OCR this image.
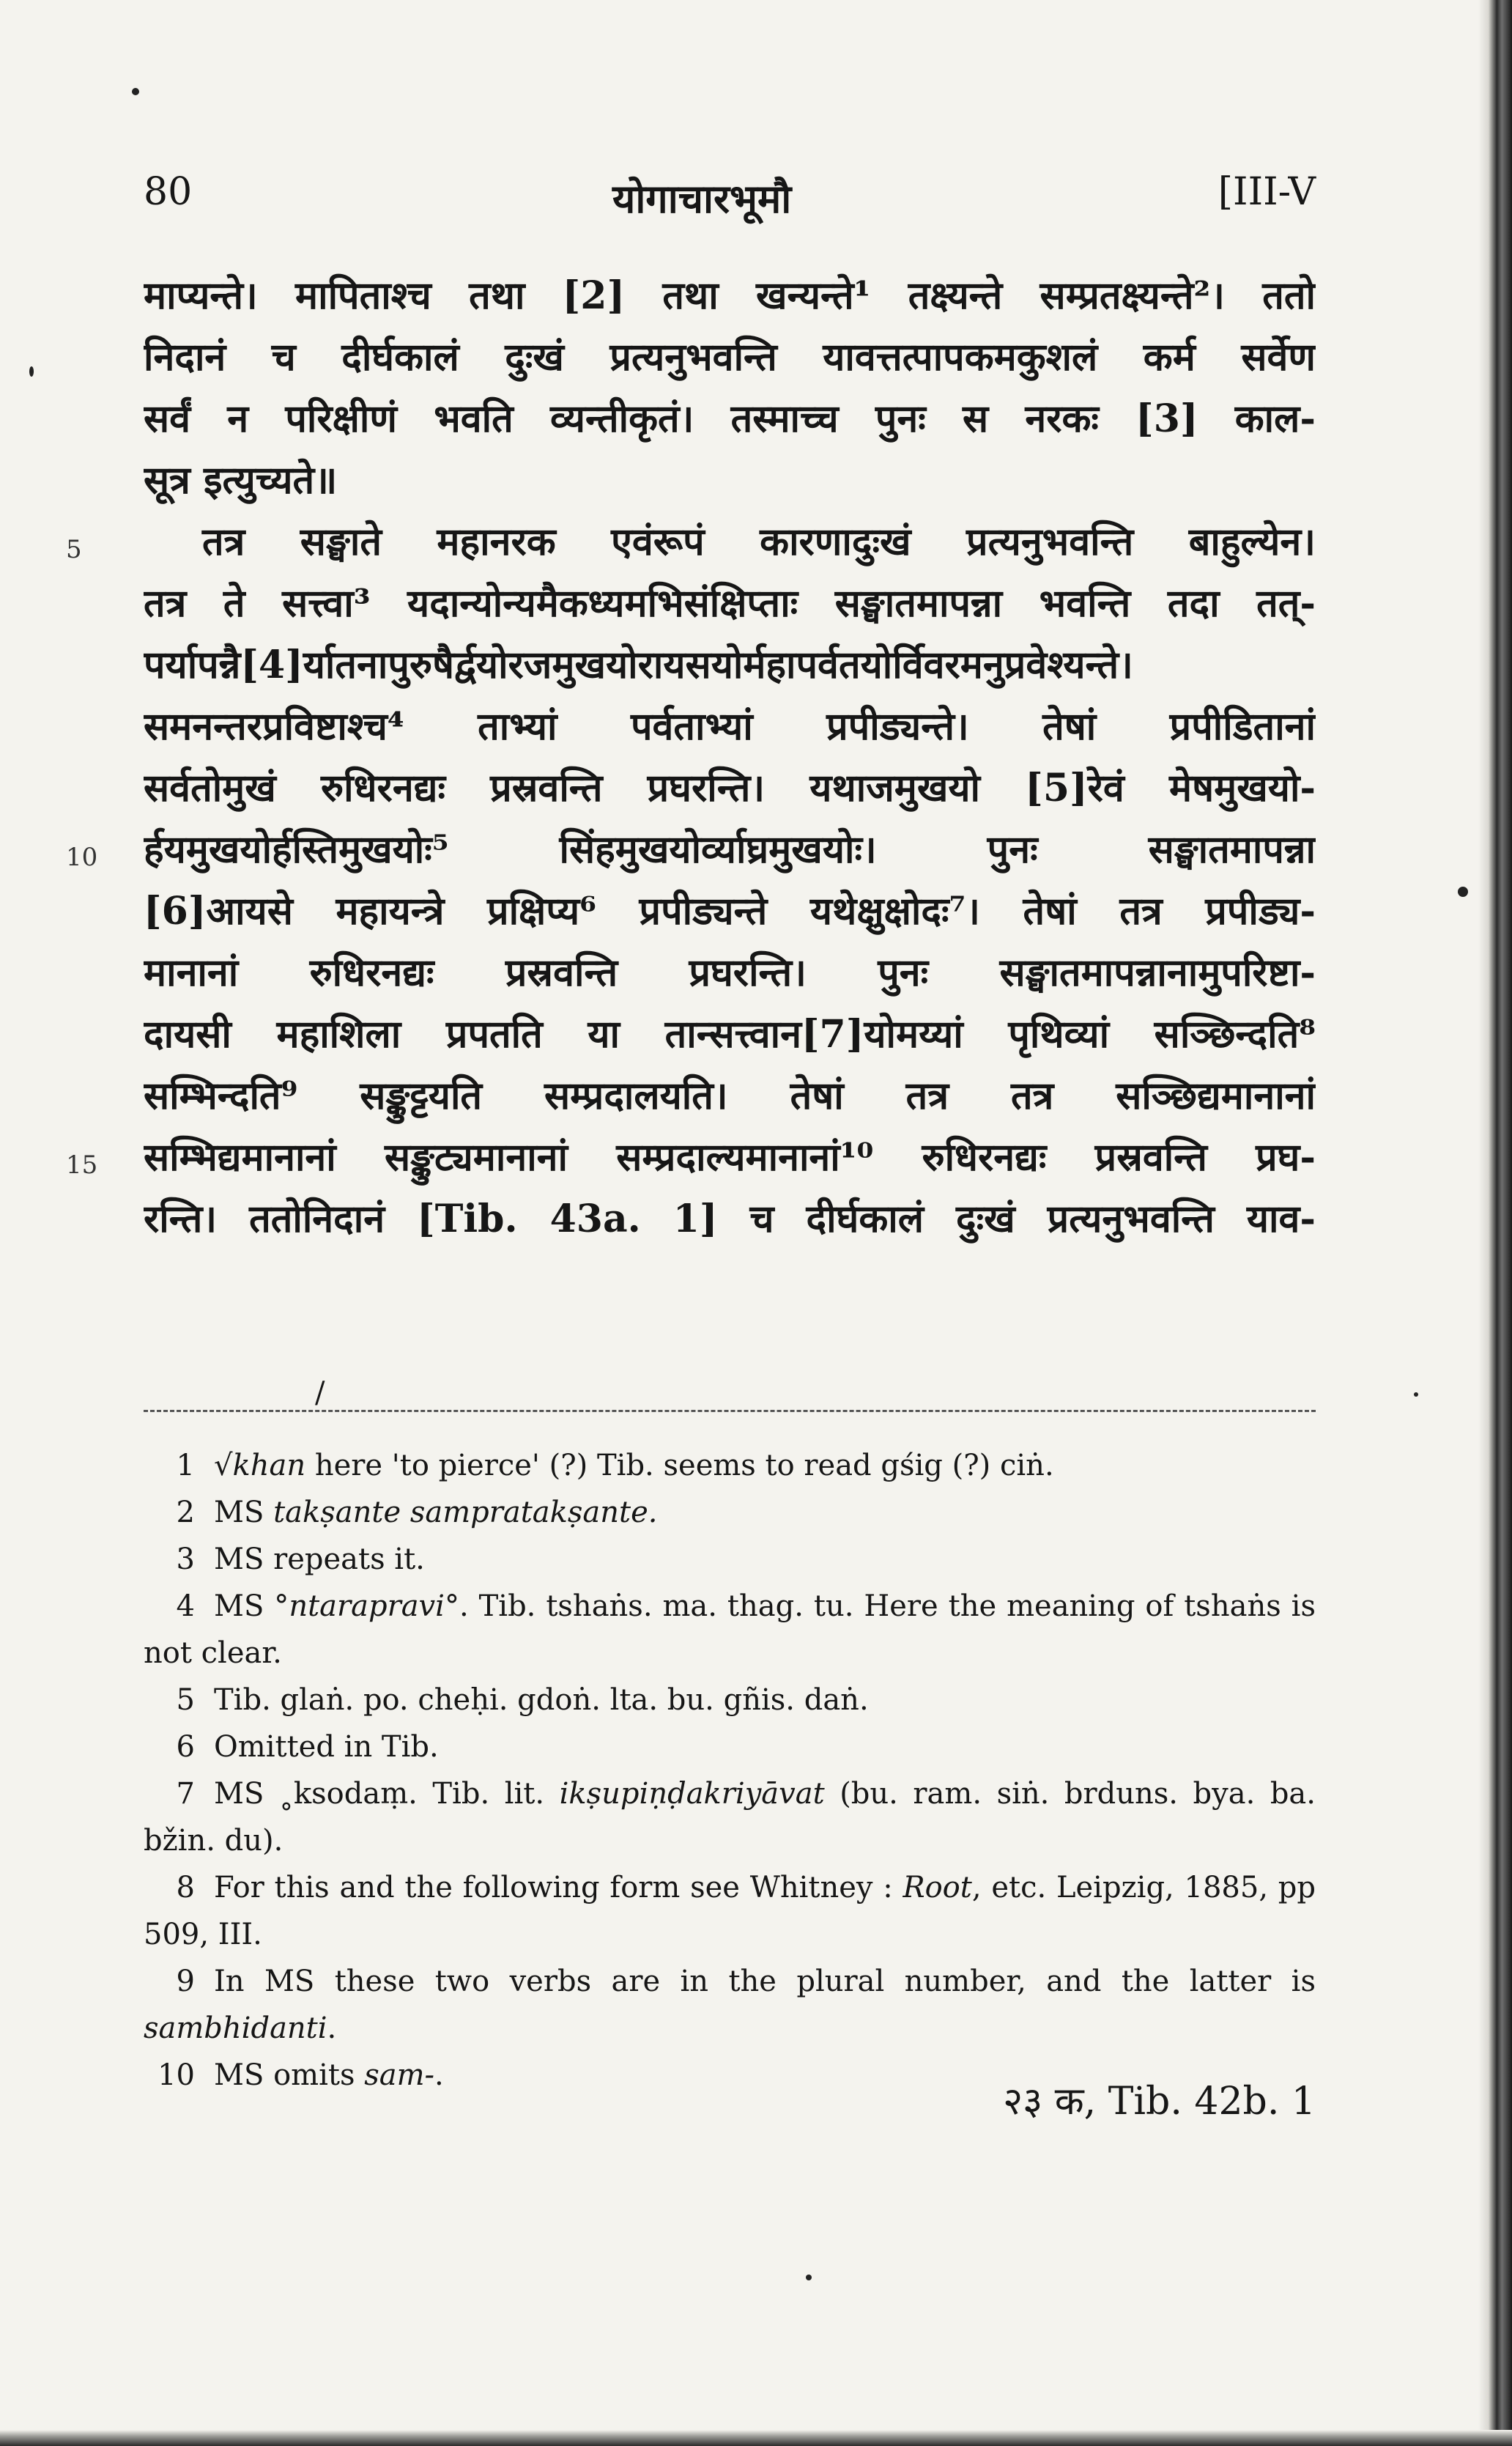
80	योगाचारभूमौ	[III-V
माप्यन्ते। मापिताश्च तथा [2] तथा खन्यन्ते¹ तक्ष्यन्ते सम्प्रतक्ष्यन्ते²। ततो
निदानं च दीर्घकालं दुःखं प्रत्यनुभवन्ति यावत्तत्पापकमकुशलं कर्म सर्वेण
सर्वं न परिक्षीणं भवति व्यन्तीकृतं। तस्माच्च पुनः स नरकः [3] काल-
सूत्र इत्युच्यते॥
तत्र सङ्घाते महानरक एवंरूपं कारणादुःखं प्रत्यनुभवन्ति बाहुल्येन।
तत्र ते सत्त्वा³ यदान्योन्यमैकध्यमभिसंक्षिप्ताः सङ्घातमापन्ना भवन्ति तदा तत्-
पर्यापन्नै[4]र्यातनापुरुषैर्द्वयोरजमुखयोरायसयोर्महापर्वतयोर्विवरमनुप्रवेश्यन्ते।
समनन्तरप्रविष्टाश्च⁴ ताभ्यां पर्वताभ्यां प्रपीड्यन्ते। तेषां प्रपीडितानां
सर्वतोमुखं रुधिरनद्यः प्रस्रवन्ति प्रघरन्ति। यथाजमुखयो [5]रेवं मेषमुखयो-
र्हयमुखयोर्हस्तिमुखयोः⁵ सिंहमुखयोर्व्याघ्रमुखयोः। पुनः सङ्घातमापन्ना
[6]आयसे महायन्त्रे प्रक्षिप्य⁶ प्रपीड्यन्ते यथेक्षुक्षोदः⁷। तेषां तत्र प्रपीड्य-
मानानां रुधिरनद्यः प्रस्रवन्ति प्रघरन्ति। पुनः सङ्घातमापन्नानामुपरिष्टा-
दायसी महाशिला प्रपतति या तान्सत्त्वान[7]योमय्यां पृथिव्यां सञ्छिन्दति⁸
सम्भिन्दति⁹ सङ्कुट्टयति सम्प्रदालयति। तेषां तत्र तत्र सञ्छिद्यमानानां
सम्भिद्यमानानां सङ्कुट्यमानानां सम्प्रदाल्यमानानां¹⁰ रुधिरनद्यः प्रस्रवन्ति प्रघ-
रन्ति। ततोनिदानं [Tib. 43a. 1] च दीर्घकालं दुःखं प्रत्यनुभवन्ति याव-
5
10
15
/
1 √khan here 'to pierce' (?) Tib. seems to read gśig (?) ciṅ.
2 MS takṣante sampratakṣante.
3 MS repeats it.
4 MS °ntarapravi°. Tib. tshaṅs. ma. thag. tu. Here the meaning of tshaṅs is not clear.
5 Tib. glaṅ. po. cheḥi. gdoṅ. lta. bu. gñis. daṅ.
6 Omitted in Tib.
7 MS ˳ksodaṃ. Tib. lit. ikṣupiṇḍakriyāvat (bu. ram. siṅ. brduns. bya. ba. bžin. du).
8 For this and the following form see Whitney : Root, etc. Leipzig, 1885, pp 509, III.
9 In MS these two verbs are in the plural number, and the latter is sambhidanti.
10 MS omits sam-.
२३ क, Tib. 42b. 1
